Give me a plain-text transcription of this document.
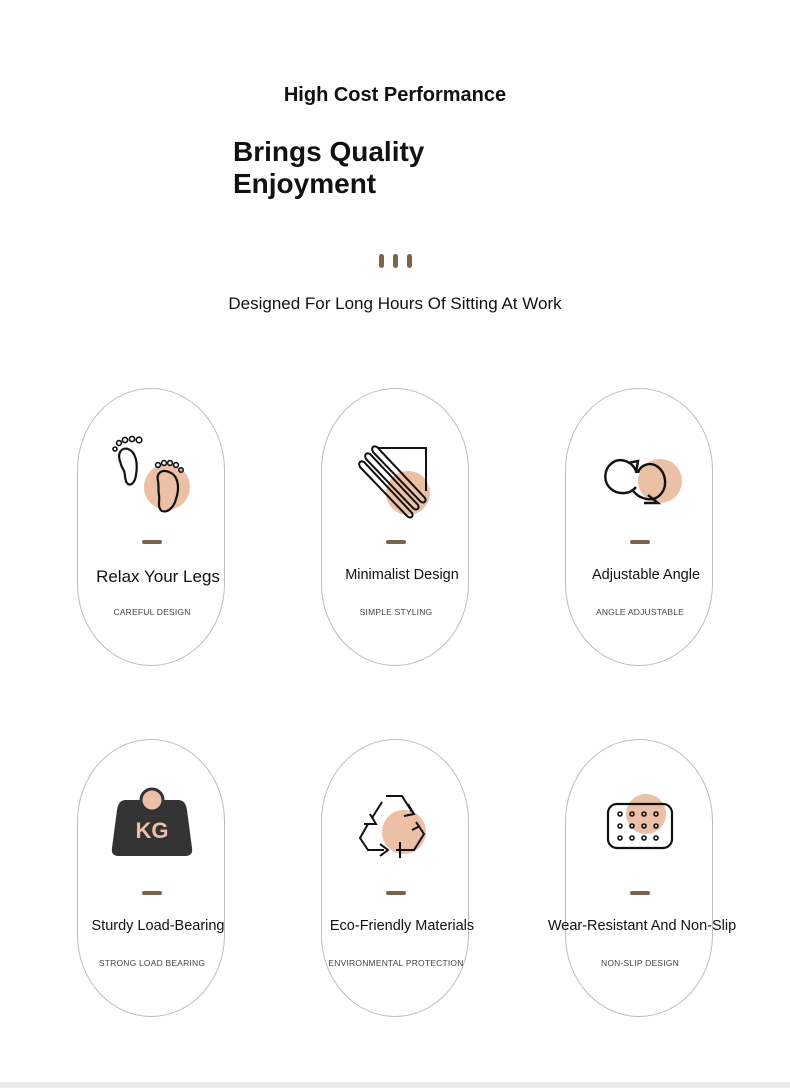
High Cost Performance
Brings Quality
Enjoyment
Designed For Long Hours Of Sitting At Work
Relax Your Legs
CAREFUL DESIGN
Minimalist Design
SIMPLE STYLING
Adjustable Angle
ANGLE ADJUSTABLE
KG
Sturdy Load-Bearing
STRONG LOAD BEARING
Eco-Friendly Materials
ENVIRONMENTAL PROTECTION
Wear-Resistant And Non-Slip
NON-SLIP DESIGN
